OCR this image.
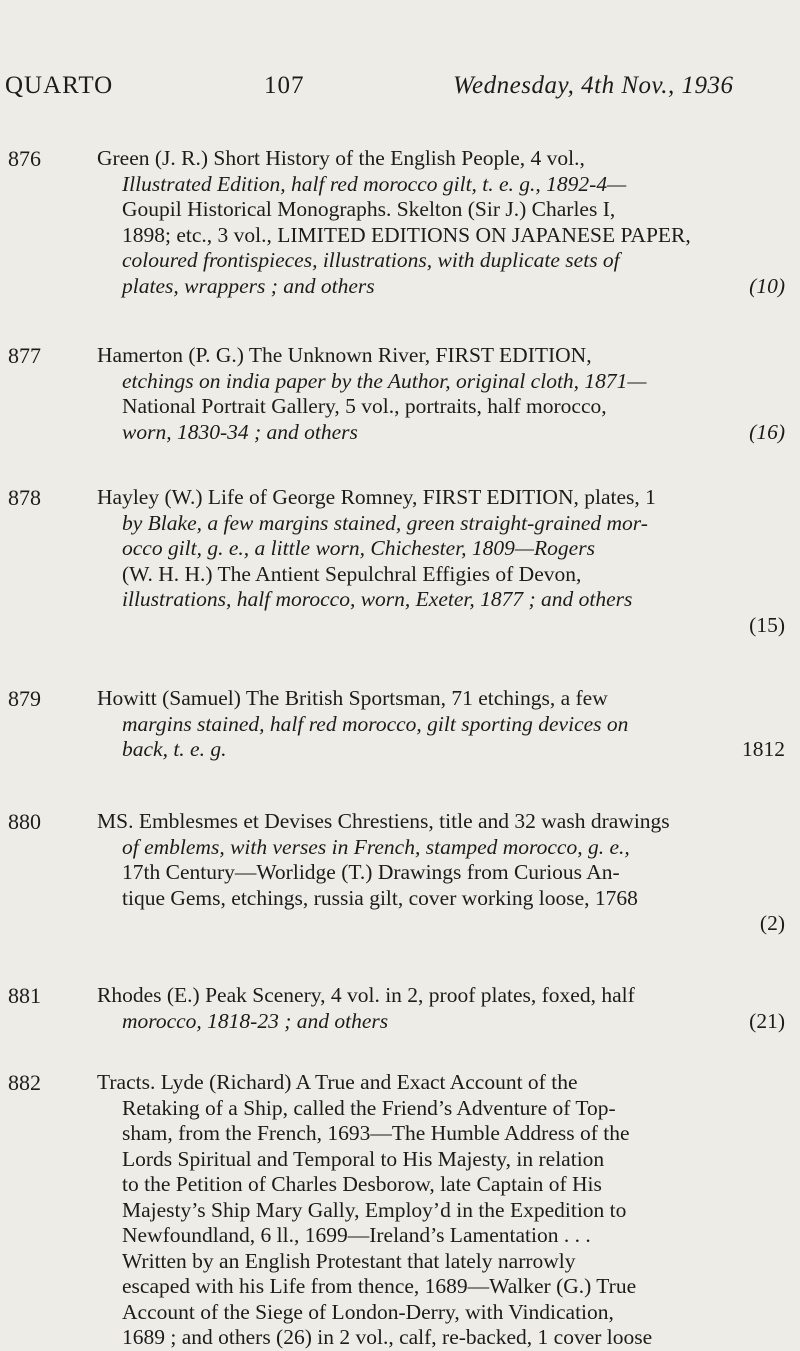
QUARTO	107	Wednesday, 4th Nov., 1936
876	Green (J. R.) Short History of the English People, 4 vol.,
Illustrated Edition, half red morocco gilt, t. e. g., 1892-4—
Goupil Historical Monographs. Skelton (Sir J.) Charles I,
1898; etc., 3 vol., LIMITED EDITIONS ON JAPANESE PAPER,
coloured frontispieces, illustrations, with duplicate sets of
plates, wrappers ; and others	(10)
877	Hamerton (P. G.) The Unknown River, FIRST EDITION,
etchings on india paper by the Author, original cloth, 1871—
National Portrait Gallery, 5 vol., portraits, half morocco,
worn, 1830-34 ; and others	(16)
878	Hayley (W.) Life of George Romney, FIRST EDITION, plates, 1
by Blake, a few margins stained, green straight-grained mor-
occo gilt, g. e., a little worn, Chichester, 1809—Rogers
(W. H. H.) The Antient Sepulchral Effigies of Devon,
illustrations, half morocco, worn, Exeter, 1877 ; and others
(15)
879	Howitt (Samuel) The British Sportsman, 71 etchings, a few
margins stained, half red morocco, gilt sporting devices on
back, t. e. g.	1812
880	MS. Emblesmes et Devises Chrestiens, title and 32 wash drawings
of emblems, with verses in French, stamped morocco, g. e.,
17th Century—Worlidge (T.) Drawings from Curious An-
tique Gems, etchings, russia gilt, cover working loose, 1768
(2)
881	Rhodes (E.) Peak Scenery, 4 vol. in 2, proof plates, foxed, half
morocco, 1818-23 ; and others	(21)
882	Tracts. Lyde (Richard) A True and Exact Account of the
Retaking of a Ship, called the Friend’s Adventure of Top-
sham, from the French, 1693—The Humble Address of the
Lords Spiritual and Temporal to His Majesty, in relation
to the Petition of Charles Desborow, late Captain of His
Majesty’s Ship Mary Gally, Employ’d in the Expedition to
Newfoundland, 6 ll., 1699—Ireland’s Lamentation . . .
Written by an English Protestant that lately narrowly
escaped with his Life from thence, 1689—Walker (G.) True
Account of the Siege of London-Derry, with Vindication,
1689 ; and others (26) in 2 vol., calf, re-backed, 1 cover loose
